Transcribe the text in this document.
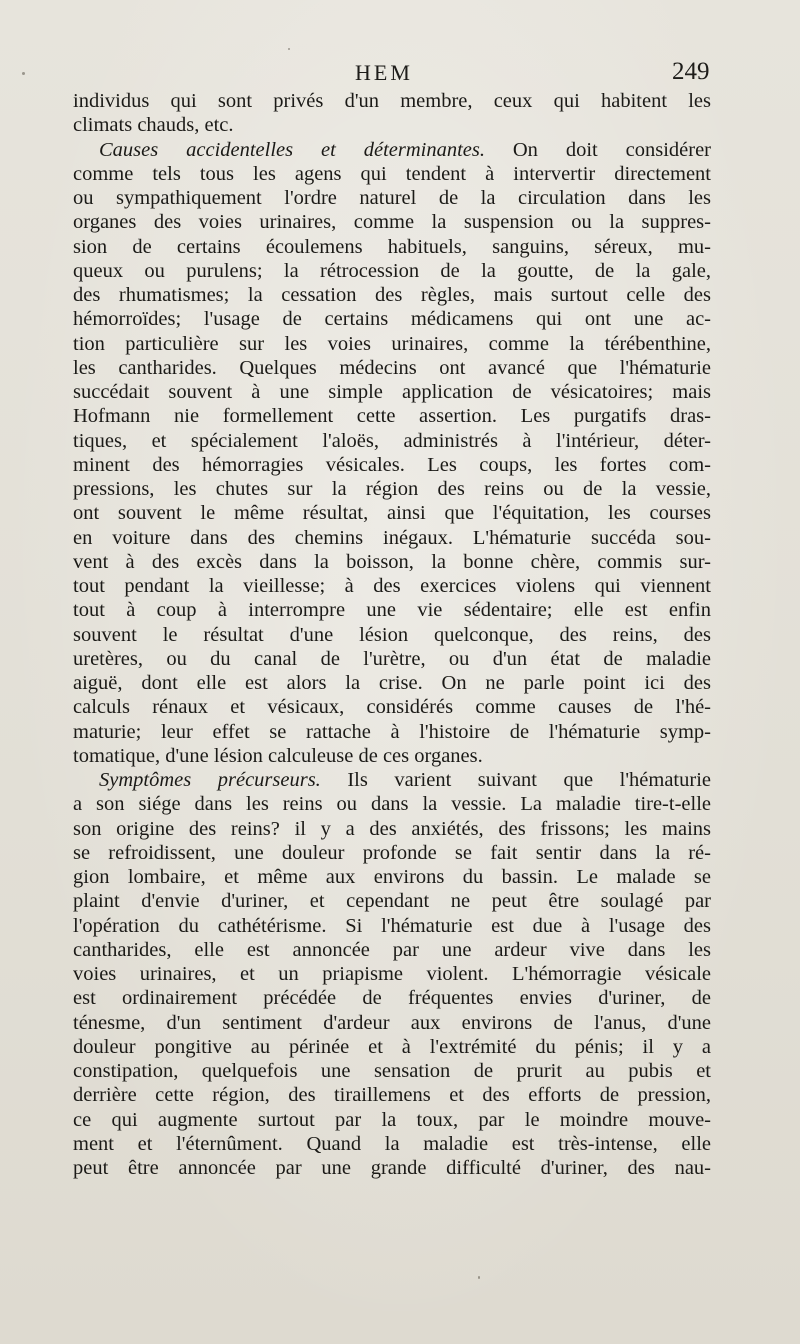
HEM	249
individus qui sont privés d'un membre, ceux qui habitent les
climats chauds, etc.
Causes accidentelles et déterminantes. On doit considérer
comme tels tous les agens qui tendent à intervertir directement
ou sympathiquement l'ordre naturel de la circulation dans les
organes des voies urinaires, comme la suspension ou la suppres-
sion de certains écoulemens habituels, sanguins, séreux, mu-
queux ou purulens; la rétrocession de la goutte, de la gale,
des rhumatismes; la cessation des règles, mais surtout celle des
hémorroïdes; l'usage de certains médicamens qui ont une ac-
tion particulière sur les voies urinaires, comme la térébenthine,
les cantharides. Quelques médecins ont avancé que l'hématurie
succédait souvent à une simple application de vésicatoires; mais
Hofmann nie formellement cette assertion. Les purgatifs dras-
tiques, et spécialement l'aloës, administrés à l'intérieur, déter-
minent des hémorragies vésicales. Les coups, les fortes com-
pressions, les chutes sur la région des reins ou de la vessie,
ont souvent le même résultat, ainsi que l'équitation, les courses
en voiture dans des chemins inégaux. L'hématurie succéda sou-
vent à des excès dans la boisson, la bonne chère, commis sur-
tout pendant la vieillesse; à des exercices violens qui viennent
tout à coup à interrompre une vie sédentaire; elle est enfin
souvent le résultat d'une lésion quelconque, des reins, des
uretères, ou du canal de l'urètre, ou d'un état de maladie
aiguë, dont elle est alors la crise. On ne parle point ici des
calculs rénaux et vésicaux, considérés comme causes de l'hé-
maturie; leur effet se rattache à l'histoire de l'hématurie symp-
tomatique, d'une lésion calculeuse de ces organes.
Symptômes précurseurs. Ils varient suivant que l'hématurie
a son siége dans les reins ou dans la vessie. La maladie tire-t-elle
son origine des reins? il y a des anxiétés, des frissons; les mains
se refroidissent, une douleur profonde se fait sentir dans la ré-
gion lombaire, et même aux environs du bassin. Le malade se
plaint d'envie d'uriner, et cependant ne peut être soulagé par
l'opération du cathétérisme. Si l'hématurie est due à l'usage des
cantharides, elle est annoncée par une ardeur vive dans les
voies urinaires, et un priapisme violent. L'hémorragie vésicale
est ordinairement précédée de fréquentes envies d'uriner, de
ténesme, d'un sentiment d'ardeur aux environs de l'anus, d'une
douleur pongitive au périnée et à l'extrémité du pénis; il y a
constipation, quelquefois une sensation de prurit au pubis et
derrière cette région, des tiraillemens et des efforts de pression,
ce qui augmente surtout par la toux, par le moindre mouve-
ment et l'éternûment. Quand la maladie est très-intense, elle
peut être annoncée par une grande difficulté d'uriner, des nau-
